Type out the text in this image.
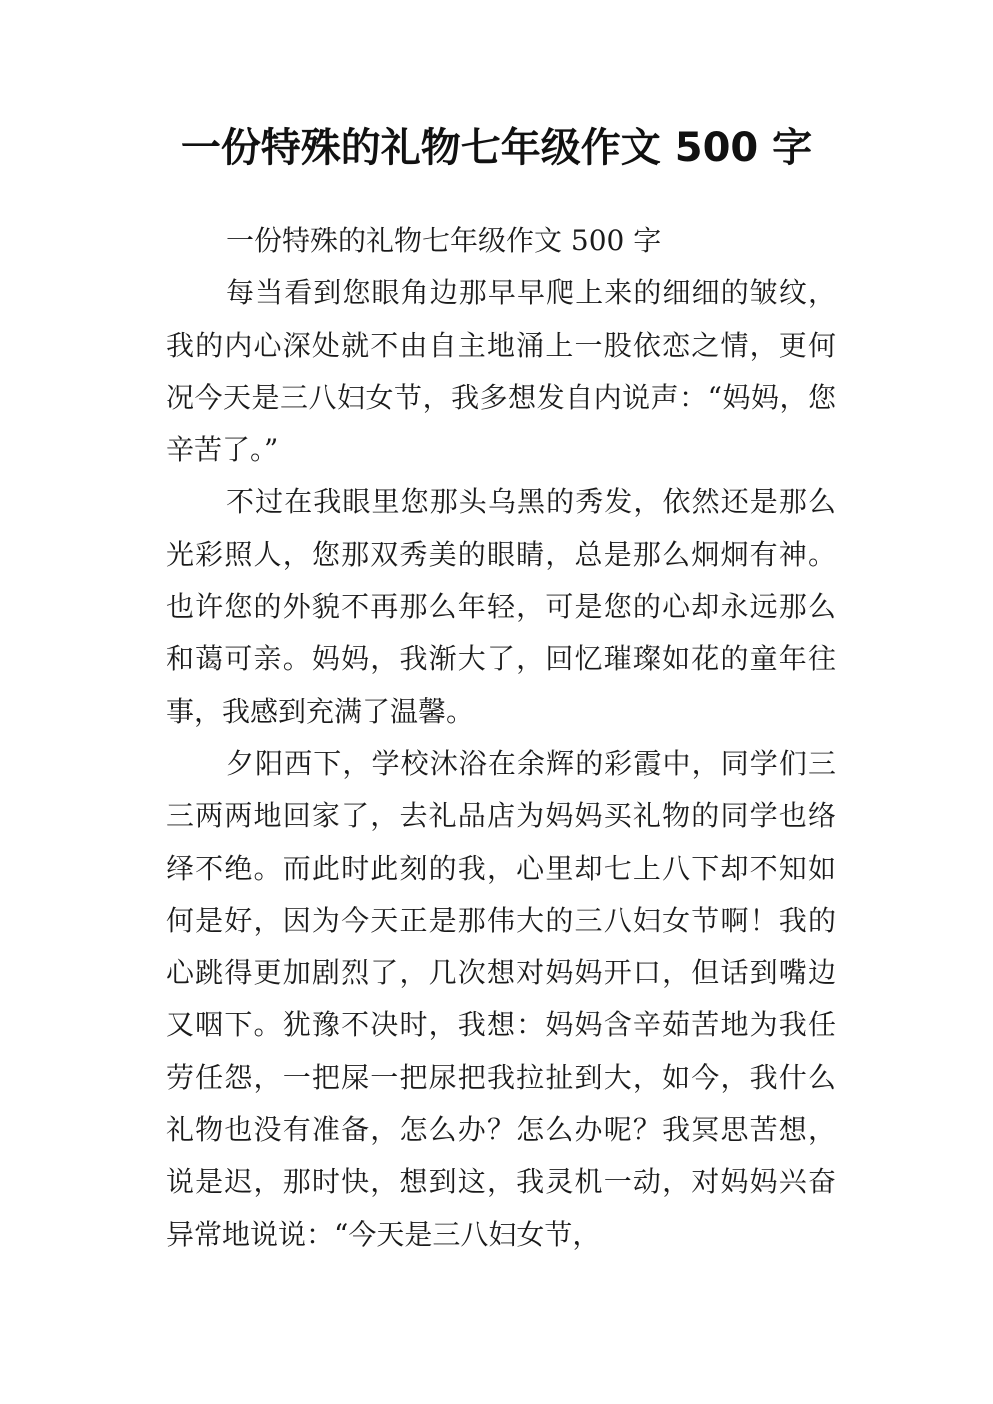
一份特殊的礼物七年级作文 500 字

一份特殊的礼物七年级作文 500 字

每当看到您眼角边那早早爬上来的细细的皱纹，我的内心深处就不由自主地涌上一股依恋之情，更何况今天是三八妇女节，我多想发自内说声：“妈妈，您辛苦了。”

不过在我眼里您那头乌黑的秀发，依然还是那么光彩照人，您那双秀美的眼睛，总是那么炯炯有神。也许您的外貌不再那么年轻，可是您的心却永远那么和蔼可亲。妈妈，我渐大了，回忆璀璨如花的童年往事，我感到充满了温馨。

夕阳西下，学校沐浴在余辉的彩霞中，同学们三三两两地回家了，去礼品店为妈妈买礼物的同学也络绎不绝。而此时此刻的我，心里却七上八下却不知如何是好，因为今天正是那伟大的三八妇女节啊！我的心跳得更加剧烈了，几次想对妈妈开口，但话到嘴边又咽下。犹豫不决时，我想：妈妈含辛茹苦地为我任劳任怨，一把屎一把尿把我拉扯到大，如今，我什么礼物也没有准备，怎么办？怎么办呢？我冥思苦想，说是迟，那时快，想到这，我灵机一动，对妈妈兴奋异常地说说：“今天是三八妇女节，
